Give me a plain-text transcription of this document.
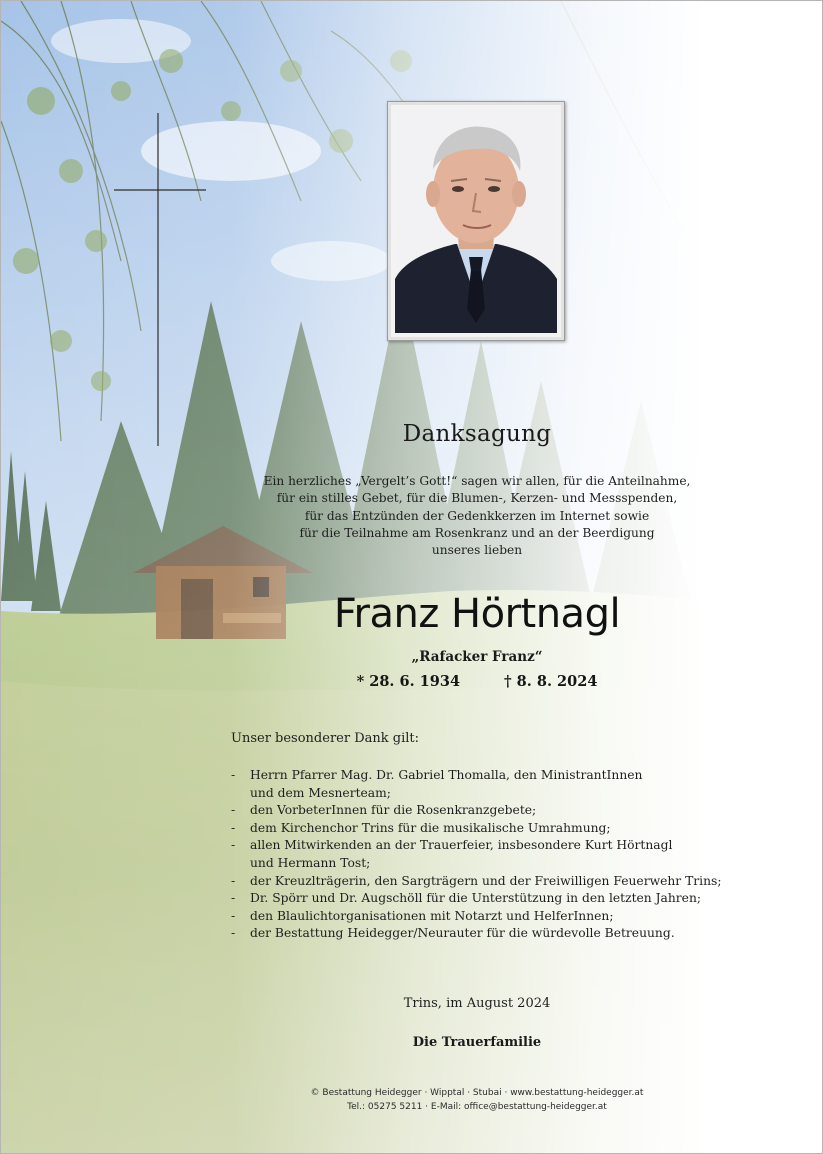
Danksagung
Ein herzliches „Vergelt’s Gott!“ sagen wir allen, für die Anteilnahme,
für ein stilles Gebet, für die Blumen-, Kerzen- und Messspenden,
für das Entzünden der Gedenkkerzen im Internet sowie
für die Teilnahme am Rosenkranz und an der Beerdigung
unseres lieben
Franz Hörtnagl
„Rafacker Franz“
* 28. 6. 1934	† 8. 8. 2024
Unser besonderer Dank gilt:
- Herrn Pfarrer Mag. Dr. Gabriel Thomalla, den MinistrantInnen
und dem Mesnerteam;
- den VorbeterInnen für die Rosenkranzgebete;
- dem Kirchenchor Trins für die musikalische Umrahmung;
- allen Mitwirkenden an der Trauerfeier, insbesondere Kurt Hörtnagl
und Hermann Tost;
- der Kreuzlträgerin, den Sargträgern und der Freiwilligen Feuerwehr Trins;
- Dr. Spörr und Dr. Augschöll für die Unterstützung in den letzten Jahren;
- den Blaulichtorganisationen mit Notarzt und HelferInnen;
- der Bestattung Heidegger/Neurauter für die würdevolle Betreuung.
Trins, im August 2024
Die Trauerfamilie
© Bestattung Heidegger · Wipptal · Stubai · www.bestattung-heidegger.at
Tel.: 05275 5211 · E-Mail: office@bestattung-heidegger.at
